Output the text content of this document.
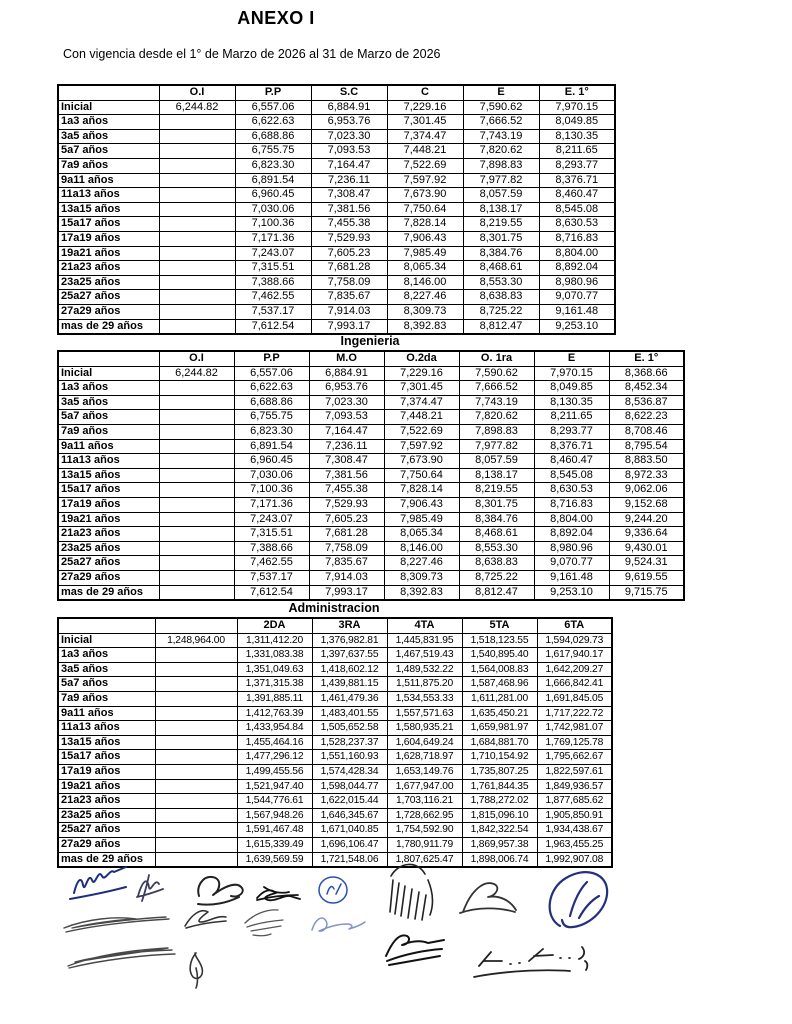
ANEXO I
Con vigencia desde el 1° de Marzo de 2026 al 31 de Marzo de 2026
	O.I	P.P	S.C	C	E	E. 1°
Inicial	6,244.82	6,557.06	6,884.91	7,229.16	7,590.62	7,970.15
1a3 años		6,622.63	6,953.76	7,301.45	7,666.52	8,049.85
3a5 años		6,688.86	7,023.30	7,374.47	7,743.19	8,130.35
5a7 años		6,755.75	7,093.53	7,448.21	7,820.62	8,211.65
7a9 años		6,823.30	7,164.47	7,522.69	7,898.83	8,293.77
9a11 años		6,891.54	7,236.11	7,597.92	7,977.82	8,376.71
11a13 años		6,960.45	7,308.47	7,673.90	8,057.59	8,460.47
13a15 años		7,030.06	7,381.56	7,750.64	8,138.17	8,545.08
15a17 años		7,100.36	7,455.38	7,828.14	8,219.55	8,630.53
17a19 años		7,171.36	7,529.93	7,906.43	8,301.75	8,716.83
19a21 años		7,243.07	7,605.23	7,985.49	8,384.76	8,804.00
21a23 años		7,315.51	7,681.28	8,065.34	8,468.61	8,892.04
23a25 años		7,388.66	7,758.09	8,146.00	8,553.30	8,980.96
25a27 años		7,462.55	7,835.67	8,227.46	8,638.83	9,070.77
27a29 años		7,537.17	7,914.03	8,309.73	8,725.22	9,161.48
mas de 29 años		7,612.54	7,993.17	8,392.83	8,812.47	9,253.10
Ingenieria
	O.I	P.P	M.O	O.2da	O. 1ra	E	E. 1°
Inicial	6,244.82	6,557.06	6,884.91	7,229.16	7,590.62	7,970.15	8,368.66
1a3 años		6,622.63	6,953.76	7,301.45	7,666.52	8,049.85	8,452.34
3a5 años		6,688.86	7,023.30	7,374.47	7,743.19	8,130.35	8,536.87
5a7 años		6,755.75	7,093.53	7,448.21	7,820.62	8,211.65	8,622.23
7a9 años		6,823.30	7,164.47	7,522.69	7,898.83	8,293.77	8,708.46
9a11 años		6,891.54	7,236.11	7,597.92	7,977.82	8,376.71	8,795.54
11a13 años		6,960.45	7,308.47	7,673.90	8,057.59	8,460.47	8,883.50
13a15 años		7,030.06	7,381.56	7,750.64	8,138.17	8,545.08	8,972.33
15a17 años		7,100.36	7,455.38	7,828.14	8,219.55	8,630.53	9,062.06
17a19 años		7,171.36	7,529.93	7,906.43	8,301.75	8,716.83	9,152.68
19a21 años		7,243.07	7,605.23	7,985.49	8,384.76	8,804.00	9,244.20
21a23 años		7,315.51	7,681.28	8,065.34	8,468.61	8,892.04	9,336.64
23a25 años		7,388.66	7,758.09	8,146.00	8,553.30	8,980.96	9,430.01
25a27 años		7,462.55	7,835.67	8,227.46	8,638.83	9,070.77	9,524.31
27a29 años		7,537.17	7,914.03	8,309.73	8,725.22	9,161.48	9,619.55
mas de 29 años		7,612.54	7,993.17	8,392.83	8,812.47	9,253.10	9,715.75
Administracion
		2DA	3RA	4TA	5TA	6TA
Inicial	1,248,964.00	1,311,412.20	1,376,982.81	1,445,831.95	1,518,123.55	1,594,029.73
1a3 años		1,331,083.38	1,397,637.55	1,467,519.43	1,540,895.40	1,617,940.17
3a5 años		1,351,049.63	1,418,602.12	1,489,532.22	1,564,008.83	1,642,209.27
5a7 años		1,371,315.38	1,439,881.15	1,511,875.20	1,587,468.96	1,666,842.41
7a9 años		1,391,885.11	1,461,479.36	1,534,553.33	1,611,281.00	1,691,845.05
9a11 años		1,412,763.39	1,483,401.55	1,557,571.63	1,635,450.21	1,717,222.72
11a13 años		1,433,954.84	1,505,652.58	1,580,935.21	1,659,981.97	1,742,981.07
13a15 años		1,455,464.16	1,528,237.37	1,604,649.24	1,684,881.70	1,769,125.78
15a17 años		1,477,296.12	1,551,160.93	1,628,718.97	1,710,154.92	1,795,662.67
17a19 años		1,499,455.56	1,574,428.34	1,653,149.76	1,735,807.25	1,822,597.61
19a21 años		1,521,947.40	1,598,044.77	1,677,947.00	1,761,844.35	1,849,936.57
21a23 años		1,544,776.61	1,622,015.44	1,703,116.21	1,788,272.02	1,877,685.62
23a25 años		1,567,948.26	1,646,345.67	1,728,662.95	1,815,096.10	1,905,850.91
25a27 años		1,591,467.48	1,671,040.85	1,754,592.90	1,842,322.54	1,934,438.67
27a29 años		1,615,339.49	1,696,106.47	1,780,911.79	1,869,957.38	1,963,455.25
mas de 29 años		1,639,569.59	1,721,548.06	1,807,625.47	1,898,006.74	1,992,907.08
